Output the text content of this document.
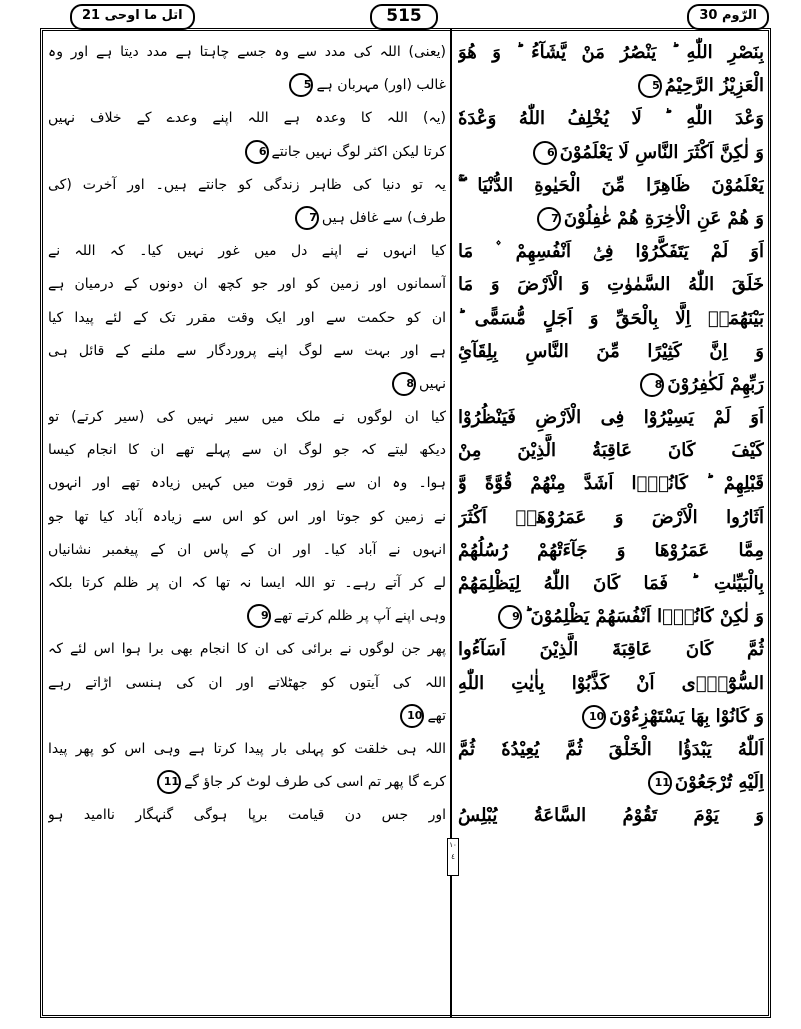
اتل ما اوحی 21	515	الرّوم 30
بِنَصْرِ اللّٰهِ ؕ یَنْصُرُ مَنْ یَّشَآءُ ؕ وَ هُوَ
الْعَزِیْزُ الرَّحِیْمُ5
وَعْدَ اللّٰهِ ؕ لَا یُخْلِفُ اللّٰهُ وَعْدَهٗ
وَ لٰكِنَّ اَكْثَرَ النَّاسِ لَا یَعْلَمُوْنَ6
یَعْلَمُوْنَ ظَاهِرًا مِّنَ الْحَیٰوةِ الدُّنْیَا ۖۚ
وَ هُمْ عَنِ الْاٰخِرَةِ هُمْ غٰفِلُوْنَ7
اَوَ لَمْ یَتَفَكَّرُوْا فِیْۤ اَنْفُسِهِمْ ۫ مَا
خَلَقَ اللّٰهُ السَّمٰوٰتِ وَ الْاَرْضَ وَ مَا
بَیْنَهُمَاۤ اِلَّا بِالْحَقِّ وَ اَجَلٍ مُّسَمًّی ؕ
وَ اِنَّ كَثِیْرًا مِّنَ النَّاسِ بِلِقَآئِ
رَبِّهِمْ لَكٰفِرُوْنَ8
اَوَ لَمْ یَسِیْرُوْا فِی الْاَرْضِ فَیَنْظُرُوْا
كَیْفَ كَانَ عَاقِبَةُ الَّذِیْنَ مِنْ
قَبْلِهِمْ ؕ كَانُوْۤا اَشَدَّ مِنْهُمْ قُوَّةً وَّ
اَثَارُوا الْاَرْضَ وَ عَمَرُوْهَاۤ اَكْثَرَ
مِمَّا عَمَرُوْهَا وَ جَآءَتْهُمْ رُسُلُهُمْ
بِالْبَیِّنٰتِ ؕ فَمَا كَانَ اللّٰهُ لِیَظْلِمَهُمْ
وَ لٰكِنْ كَانُوْۤا اَنْفُسَهُمْ یَظْلِمُوْنَ ؕ9
ثُمَّ كَانَ عَاقِبَةَ الَّذِیْنَ اَسَآءُوا
السُّوْٓاٰۤی اَنْ كَذَّبُوْا بِاٰیٰتِ اللّٰهِ
وَ كَانُوْا بِهَا یَسْتَهْزِءُوْنَ10
اَللّٰهُ یَبْدَؤُا الْخَلْقَ ثُمَّ یُعِیْدُهٗ ثُمَّ
اِلَیْهِ تُرْجَعُوْنَ11
وَ یَوْمَ تَقُوْمُ السَّاعَةُ یُبْلِسُ
(یعنی) اللہ کی مدد سے وہ جسے چاہتا ہے مدد دیتا ہے اور وہ
غالب (اور) مہربان ہے5
(یہ) اللہ کا وعدہ ہے اللہ اپنے وعدے کے خلاف نہیں
کرتا لیکن اکثر لوگ نہیں جانتے6
یہ تو دنیا کی ظاہر زندگی کو جانتے ہیں۔ اور آخرت (کی
طرف) سے غافل ہیں7
کیا انہوں نے اپنے دل میں غور نہیں کیا۔ کہ اللہ نے
آسمانوں اور زمین کو اور جو کچھ ان دونوں کے درمیان ہے
ان کو حکمت سے اور ایک وقت مقرر تک کے لئے پیدا کیا
ہے اور بہت سے لوگ اپنے پروردگار سے ملنے کے قائل ہی
نہیں8
کیا ان لوگوں نے ملک میں سیر نہیں کی (سیر کرتے) تو
دیکھ لیتے کہ جو لوگ ان سے پہلے تھے ان کا انجام کیسا
ہوا۔ وہ ان سے زور قوت میں کہیں زیادہ تھے اور انہوں
نے زمین کو جوتا اور اس کو اس سے زیادہ آباد کیا تھا جو
انہوں نے آباد کیا۔ اور ان کے پاس ان کے پیغمبر نشانیاں
لے کر آتے رہے۔ تو اللہ ایسا نہ تھا کہ ان پر ظلم کرتا بلکہ
وہی اپنے آپ پر ظلم کرتے تھے9
پھر جن لوگوں نے برائی کی ان کا انجام بھی برا ہوا اس لئے کہ
اللہ کی آیتوں کو جھٹلاتے اور ان کی ہنسی اڑاتے رہے
تھے10
اللہ ہی خلقت کو پہلی بار پیدا کرتا ہے وہی اس کو پھر پیدا
کرے گا پھر تم اسی کی طرف لوٹ کر جاؤ گے11
اور جس دن قیامت برپا ہوگی گنہگار ناامید ہو
١٠ ٤
